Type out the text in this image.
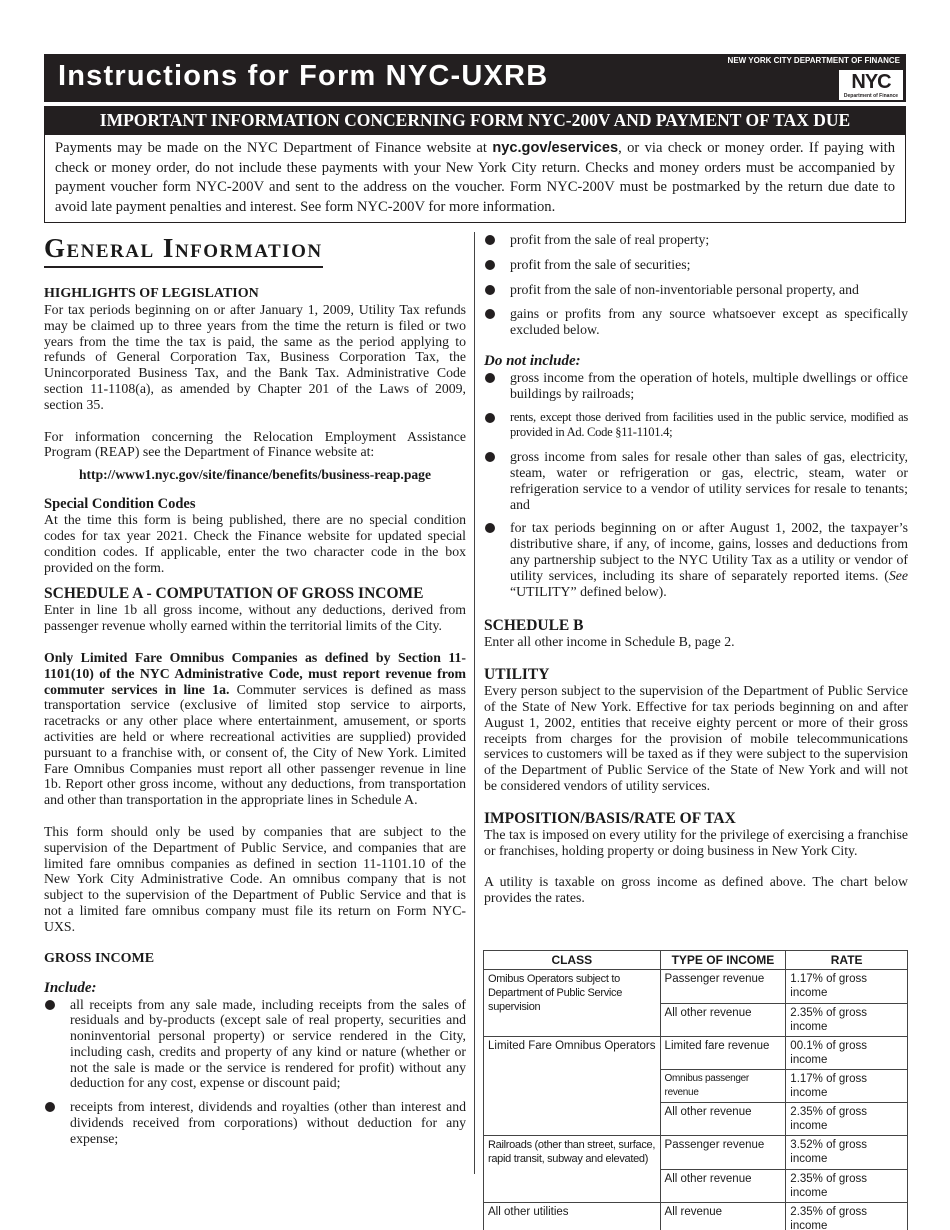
Instructions for Form NYC-UXRB	NEW YORK CITY DEPARTMENT OF FINANCE
NYC
Department of Finance
IMPORTANT INFORMATION CONCERNING FORM NYC-200V AND PAYMENT OF TAX DUE
Payments may be made on the NYC Department of Finance website at nyc.gov/eservices, or via check or money order. If paying with check or money order, do not include these payments with your New York City return. Checks and money orders must be accompanied by payment voucher form NYC-200V and sent to the address on the voucher. Form NYC-200V must be postmarked by the return due date to avoid late payment penalties and interest. See form NYC-200V for more information.
General Information
HIGHLIGHTS OF LEGISLATION
For tax periods beginning on or after January 1, 2009, Utility Tax refunds may be claimed up to three years from the time the return is filed or two years from the time the tax is paid, the same as the period applying to refunds of General Corporation Tax, Business Corporation Tax, the Unincorporated Business Tax, and the Bank Tax. Administrative Code section 11-1108(a), as amended by Chapter 201 of the Laws of 2009, section 35.
For information concerning the Relocation Employment Assistance Program (REAP) see the Department of Finance website at:
http://www1.nyc.gov/site/finance/benefits/business-reap.page
Special Condition Codes
At the time this form is being published, there are no special condition codes for tax year 2021. Check the Finance website for updated special condition codes. If applicable, enter the two character code in the box provided on the form.
SCHEDULE A - COMPUTATION OF GROSS INCOME
Enter in line 1b all gross income, without any deductions, derived from passenger revenue wholly earned within the territorial limits of the City.
Only Limited Fare Omnibus Companies as defined by Section 11-1101(10) of the NYC Administrative Code, must report revenue from commuter services in line 1a. Commuter services is defined as mass transportation service (exclusive of limited stop service to airports, racetracks or any other place where entertainment, amusement, or sports activities are held or where recreational activities are supplied) provided pursuant to a franchise with, or consent of, the City of New York. Limited Fare Omnibus Companies must report all other passenger revenue in line 1b. Report other gross income, without any deductions, from transportation and other than transportation in the appropriate lines in Schedule A.
This form should only be used by companies that are subject to the supervision of the Department of Public Service, and companies that are limited fare omnibus companies as defined in section 11-1101.10 of the New York City Administrative Code. An omnibus company that is not subject to the supervision of the Department of Public Service and that is not a limited fare omnibus company must file its return on Form NYC-UXS.
GROSS INCOME
Include:
all receipts from any sale made, including receipts from the sales of residuals and by-products (except sale of real property, securities and noninventorial personal property) or service rendered in the City, including cash, credits and property of any kind or nature (whether or not the sale is made or the service is rendered for profit) without any deduction for any cost, expense or discount paid;
receipts from interest, dividends and royalties (other than interest and dividends received from corporations) without deduction for any expense;
profit from the sale of real property;
profit from the sale of securities;
profit from the sale of non-inventoriable personal property, and
gains or profits from any source whatsoever except as specifically excluded below.
Do not include:
gross income from the operation of hotels, multiple dwellings or office buildings by railroads;
rents, except those derived from facilities used in the public service, modified as provided in Ad. Code §11-1101.4;
gross income from sales for resale other than sales of gas, electricity, steam, water or refrigeration or gas, electric, steam, water or refrigeration service to a vendor of utility services for resale to tenants; and
for tax periods beginning on or after August 1, 2002, the taxpayer’s distributive share, if any, of income, gains, losses and deductions from any partnership subject to the NYC Utility Tax as a utility or vendor of utility services, including its share of separately reported items. (See “UTILITY” defined below).
SCHEDULE B
Enter all other income in Schedule B, page 2.
UTILITY
Every person subject to the supervision of the Department of Public Service of the State of New York. Effective for tax periods beginning on and after August 1, 2002, entities that receive eighty percent or more of their gross receipts from charges for the provision of mobile telecommunications services to customers will be taxed as if they were subject to the supervision of the Department of Public Service of the State of New York and will not be considered vendors of utility services.
IMPOSITION/BASIS/RATE OF TAX
The tax is imposed on every utility for the privilege of exercising a franchise or franchises, holding property or doing business in New York City.
A utility is taxable on gross income as defined above. The chart below provides the rates.
CLASS	TYPE OF INCOME	RATE
Omibus Operators subject to Department of Public Service supervision	Passenger revenue	1.17% of gross income
	All other revenue	2.35% of gross income
Limited Fare Omnibus Operators	Limited fare revenue	00.1% of gross income
	Omnibus passenger revenue	1.17% of gross income
	All other revenue	2.35% of gross income
Railroads (other than street, surface, rapid transit, subway and elevated)	Passenger revenue	3.52% of gross income
	All other revenue	2.35% of gross income
All other utilities	All revenue	2.35% of gross income
